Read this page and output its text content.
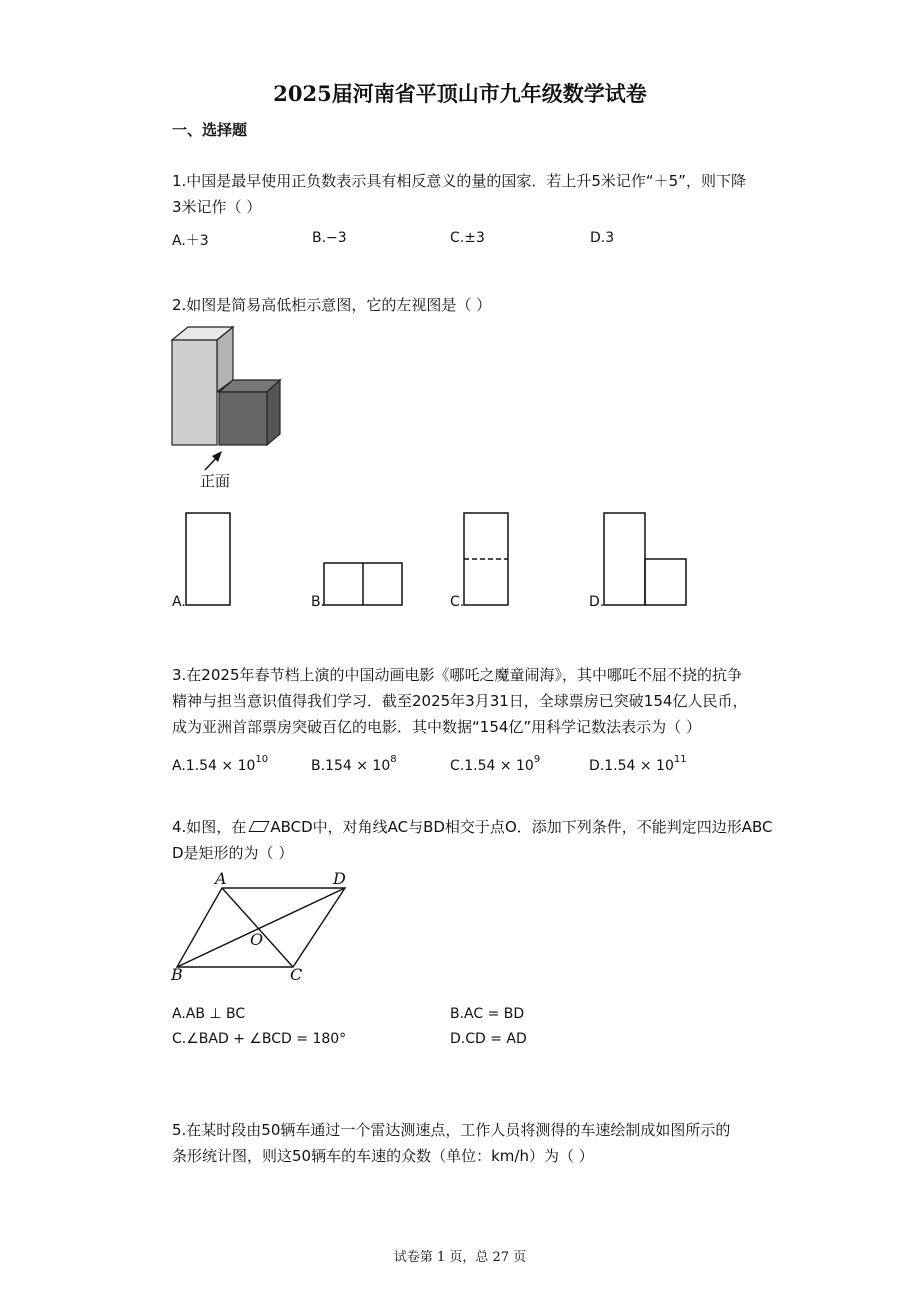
2025届河南省平顶山市九年级数学试卷
一、选择题
1.中国是最早使用正负数表示具有相反意义的量的国家．若上升5米记作“＋5”，则下降
3米记作（ ）
A.＋3	B.−3	C.±3	D.3
2.如图是简易高低柜示意图，它的左视图是（ ）
正面
A.	B.	C.	D.
3.在2025年春节档上演的中国动画电影《哪吒之魔童闹海》，其中哪吒不屈不挠的抗争
精神与担当意识值得我们学习．截至2025年3月31日，全球票房已突破154亿人民币，
成为亚洲首部票房突破百亿的电影．其中数据“154亿”用科学记数法表示为（ ）
$A.1.54 \times 10^{10}$	$B.154 \times 10^8$	$C.1.54 \times 10^9$	$D.1.54 \times 10^{11}$
4.如图，在 ABCD中，对角线AC与BD相交于点O．添加下列条件，不能判定四边形ABC
D是矩形的为（ ）
A	D
B	C
O
A.AB ⊥ BC	B.AC = BD
C.∠BAD + ∠BCD = 180°	D.CD = AD
5.在某时段由50辆车通过一个雷达测速点，工作人员将测得的车速绘制成如图所示的
条形统计图，则这50辆车的车速的众数（单位：km/h）为（ ）
试卷第 1 页，总 27 页
